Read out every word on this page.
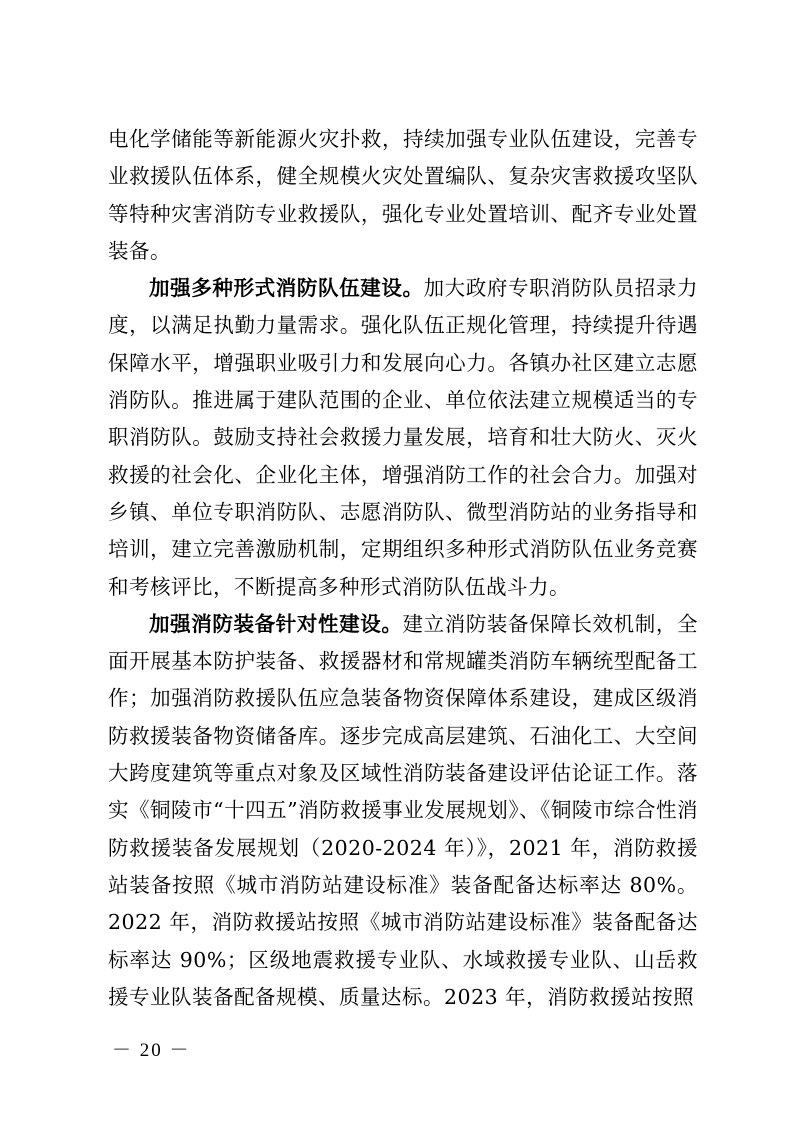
电化学储能等新能源火灾扑救，持续加强专业队伍建设，完善专业救援队伍体系，健全规模火灾处置编队、复杂灾害救援攻坚队等特种灾害消防专业救援队，强化专业处置培训、配齐专业处置装备。

加强多种形式消防队伍建设。加大政府专职消防队员招录力度，以满足执勤力量需求。强化队伍正规化管理，持续提升待遇保障水平，增强职业吸引力和发展向心力。各镇办社区建立志愿消防队。推进属于建队范围的企业、单位依法建立规模适当的专职消防队。鼓励支持社会救援力量发展，培育和壮大防火、灭火救援的社会化、企业化主体，增强消防工作的社会合力。加强对乡镇、单位专职消防队、志愿消防队、微型消防站的业务指导和培训，建立完善激励机制，定期组织多种形式消防队伍业务竞赛和考核评比，不断提高多种形式消防队伍战斗力。

加强消防装备针对性建设。建立消防装备保障长效机制，全面开展基本防护装备、救援器材和常规罐类消防车辆统型配备工作；加强消防救援队伍应急装备物资保障体系建设，建成区级消防救援装备物资储备库。逐步完成高层建筑、石油化工、大空间大跨度建筑等重点对象及区域性消防装备建设评估论证工作。落实《铜陵市“十四五”消防救援事业发展规划》、《铜陵市综合性消防救援装备发展规划（2020-2024 年）》，2021 年，消防救援站装备按照《城市消防站建设标准》装备配备达标率达 80%。2022 年，消防救援站按照《城市消防站建设标准》装备配备达标率达 90%；区级地震救援专业队、水域救援专业队、山岳救援专业队装备配备规模、质量达标。2023 年，消防救援站按照

－ 20 －
